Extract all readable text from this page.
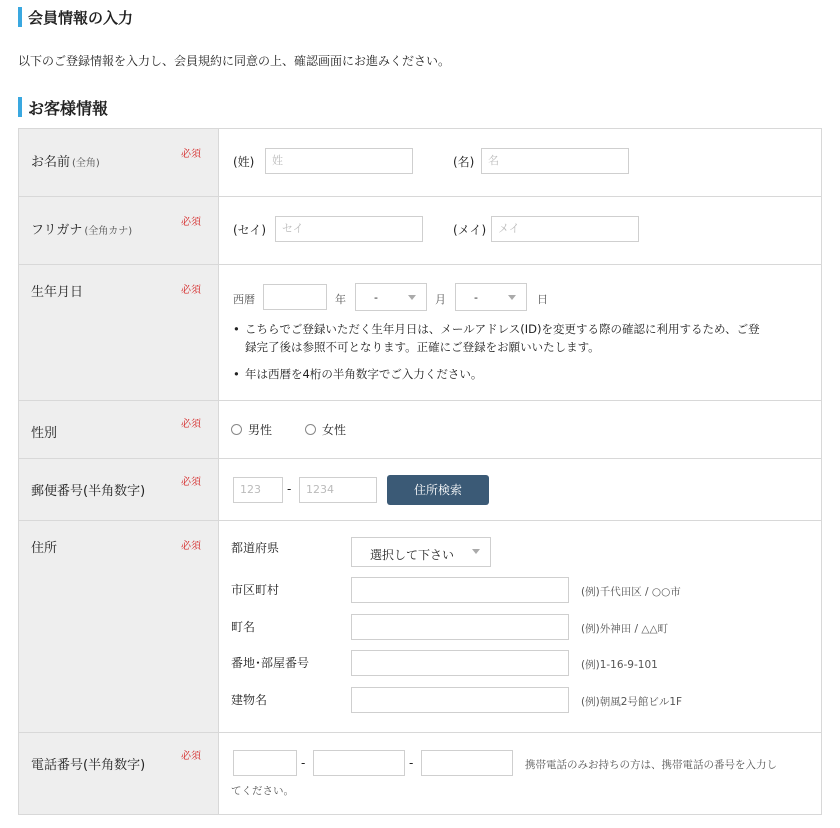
会員情報の入力
以下のご登録情報を入力し、会員規約に同意の上、確認画面にお進みください。
お客様情報
お名前 (全角)
必須
(姓)	姓	(名)	名
フリガナ (全角カナ)
必須
(セイ)	セイ	(メイ)	メイ
生年月日	必須
西暦	年	-	月	-	日
• こちらでご登録いただく生年月日は、メールアドレス(ID)を変更する際の確認に利用するため、ご登
録完了後は参照不可となります。正確にご登録をお願いいたします。
• 年は西暦を4桁の半角数字でご入力ください。
性別
必須	男性	女性
郵便番号(半角数字)
必須
123	-	1234	住所検索
住所	必須	都道府県	選択して下さい
市区町村	(例)千代田区 / ○○市
町名	(例)外神田 / △△町
番地･部屋番号	(例)1-16-9-101
建物名	(例)朝風2号館ビル1F
電話番号(半角数字)
必須	-	-	携帯電話のみお持ちの方は、携帯電話の番号を入力し
てください。
